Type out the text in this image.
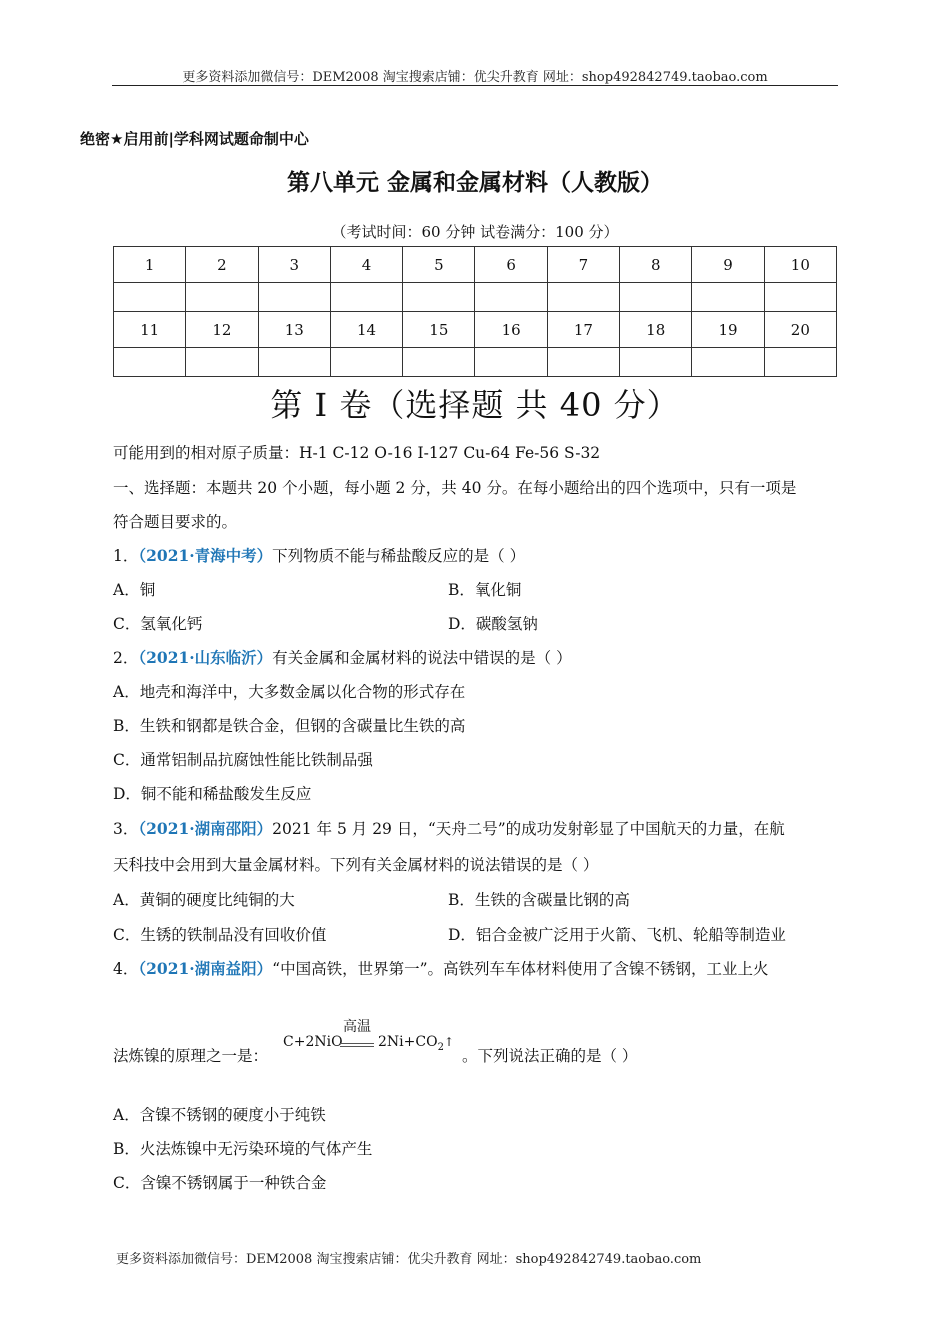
更多资料添加微信号：DEM2008 淘宝搜索店铺：优尖升教育 网址：shop492842749.taobao.com
绝密★启用前|学科网试题命制中心
第八单元 金属和金属材料（人教版）
（考试时间：60 分钟 试卷满分：100 分）
1	2	3	4	5	6	7	8	9	10

11	12	13	14	15	16	17	18	19	20

第 I 卷（选择题 共 40 分）
可能用到的相对原子质量：H-1 C-12 O-16 I-127 Cu-64 Fe-56 S-32
一、选择题：本题共 20 个小题，每小题 2 分，共 40 分。在每小题给出的四个选项中，只有一项是
符合题目要求的。
1．（2021·青海中考）下列物质不能与稀盐酸反应的是（ ）
A．铜	B．氧化铜
C．氢氧化钙	D．碳酸氢钠
2．（2021·山东临沂）有关金属和金属材料的说法中错误的是（ ）
A．地壳和海洋中，大多数金属以化合物的形式存在
B．生铁和钢都是铁合金，但钢的含碳量比生铁的高
C．通常铝制品抗腐蚀性能比铁制品强
D．铜不能和稀盐酸发生反应
3．（2021·湖南邵阳）2021 年 5 月 29 日，“天舟二号”的成功发射彰显了中国航天的力量，在航
天科技中会用到大量金属材料。下列有关金属材料的说法错误的是（ ）
A．黄铜的硬度比纯铜的大	B．生铁的含碳量比钢的高
C．生锈的铁制品没有回收价值	D．铝合金被广泛用于火箭、飞机、轮船等制造业
4．（2021·湖南益阳）“中国高铁，世界第一”。高铁列车车体材料使用了含镍不锈钢，工业上火
法炼镍的原理之一是：
高温
C+2NiO	$2Ni+CO_2↑$
。下列说法正确的是（ ）
A．含镍不锈钢的硬度小于纯铁
B．火法炼镍中无污染环境的气体产生
C．含镍不锈钢属于一种铁合金
更多资料添加微信号：DEM2008 淘宝搜索店铺：优尖升教育 网址：shop492842749.taobao.com
